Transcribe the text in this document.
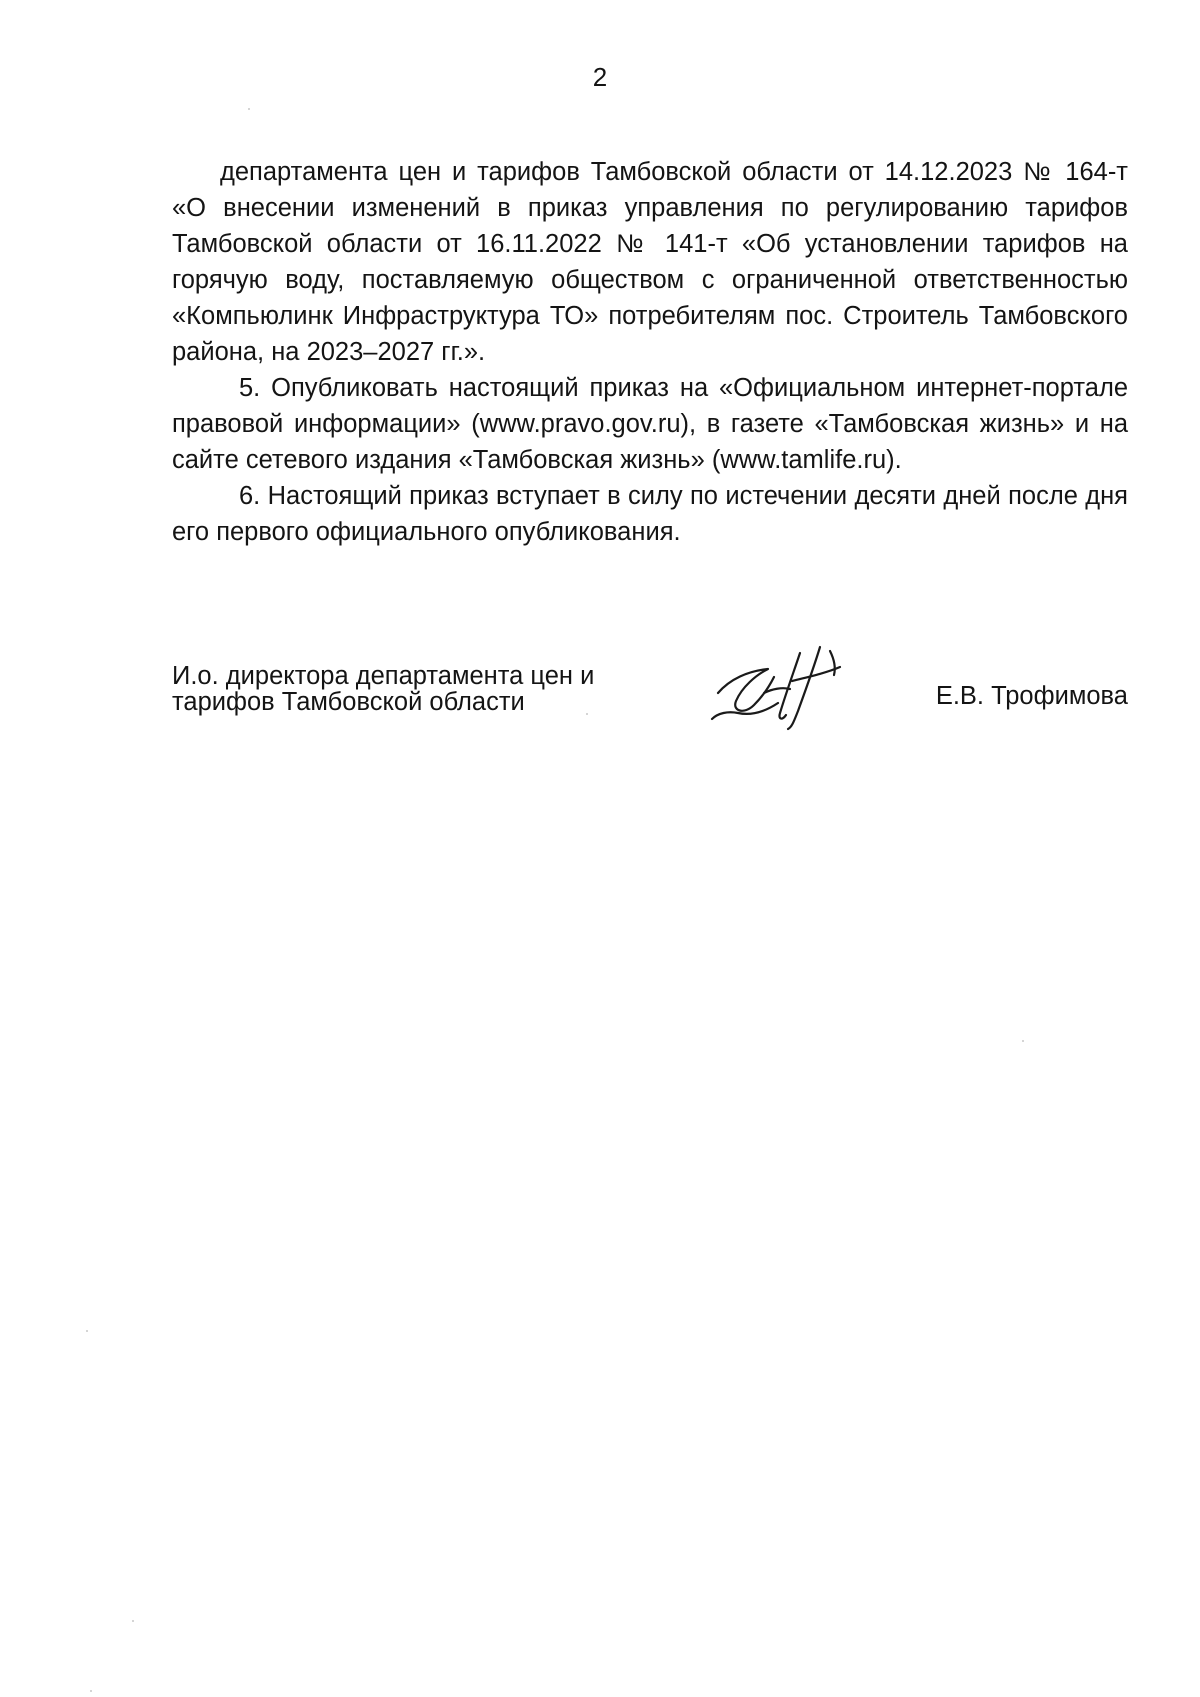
2

департамента цен и тарифов Тамбовской области от 14.12.2023 № 164-т
«О внесении изменений в приказ управления по регулированию тарифов
Тамбовской области от 16.11.2022 № 141-т «Об установлении тарифов на
горячую воду, поставляемую обществом с ограниченной ответственностью
«Компьюлинк Инфраструктура ТО» потребителям пос. Строитель Тамбовского
района, на 2023–2027 гг.».

5. Опубликовать настоящий приказ на «Официальном интернет-портале
правовой информации» (www.pravo.gov.ru), в газете «Тамбовская жизнь» и на
сайте сетевого издания «Тамбовская жизнь» (www.tamlife.ru).

6. Настоящий приказ вступает в силу по истечении десяти дней после дня
его первого официального опубликования.

И.о. директора департамента цен и
тарифов Тамбовской области	Е.В. Трофимова
